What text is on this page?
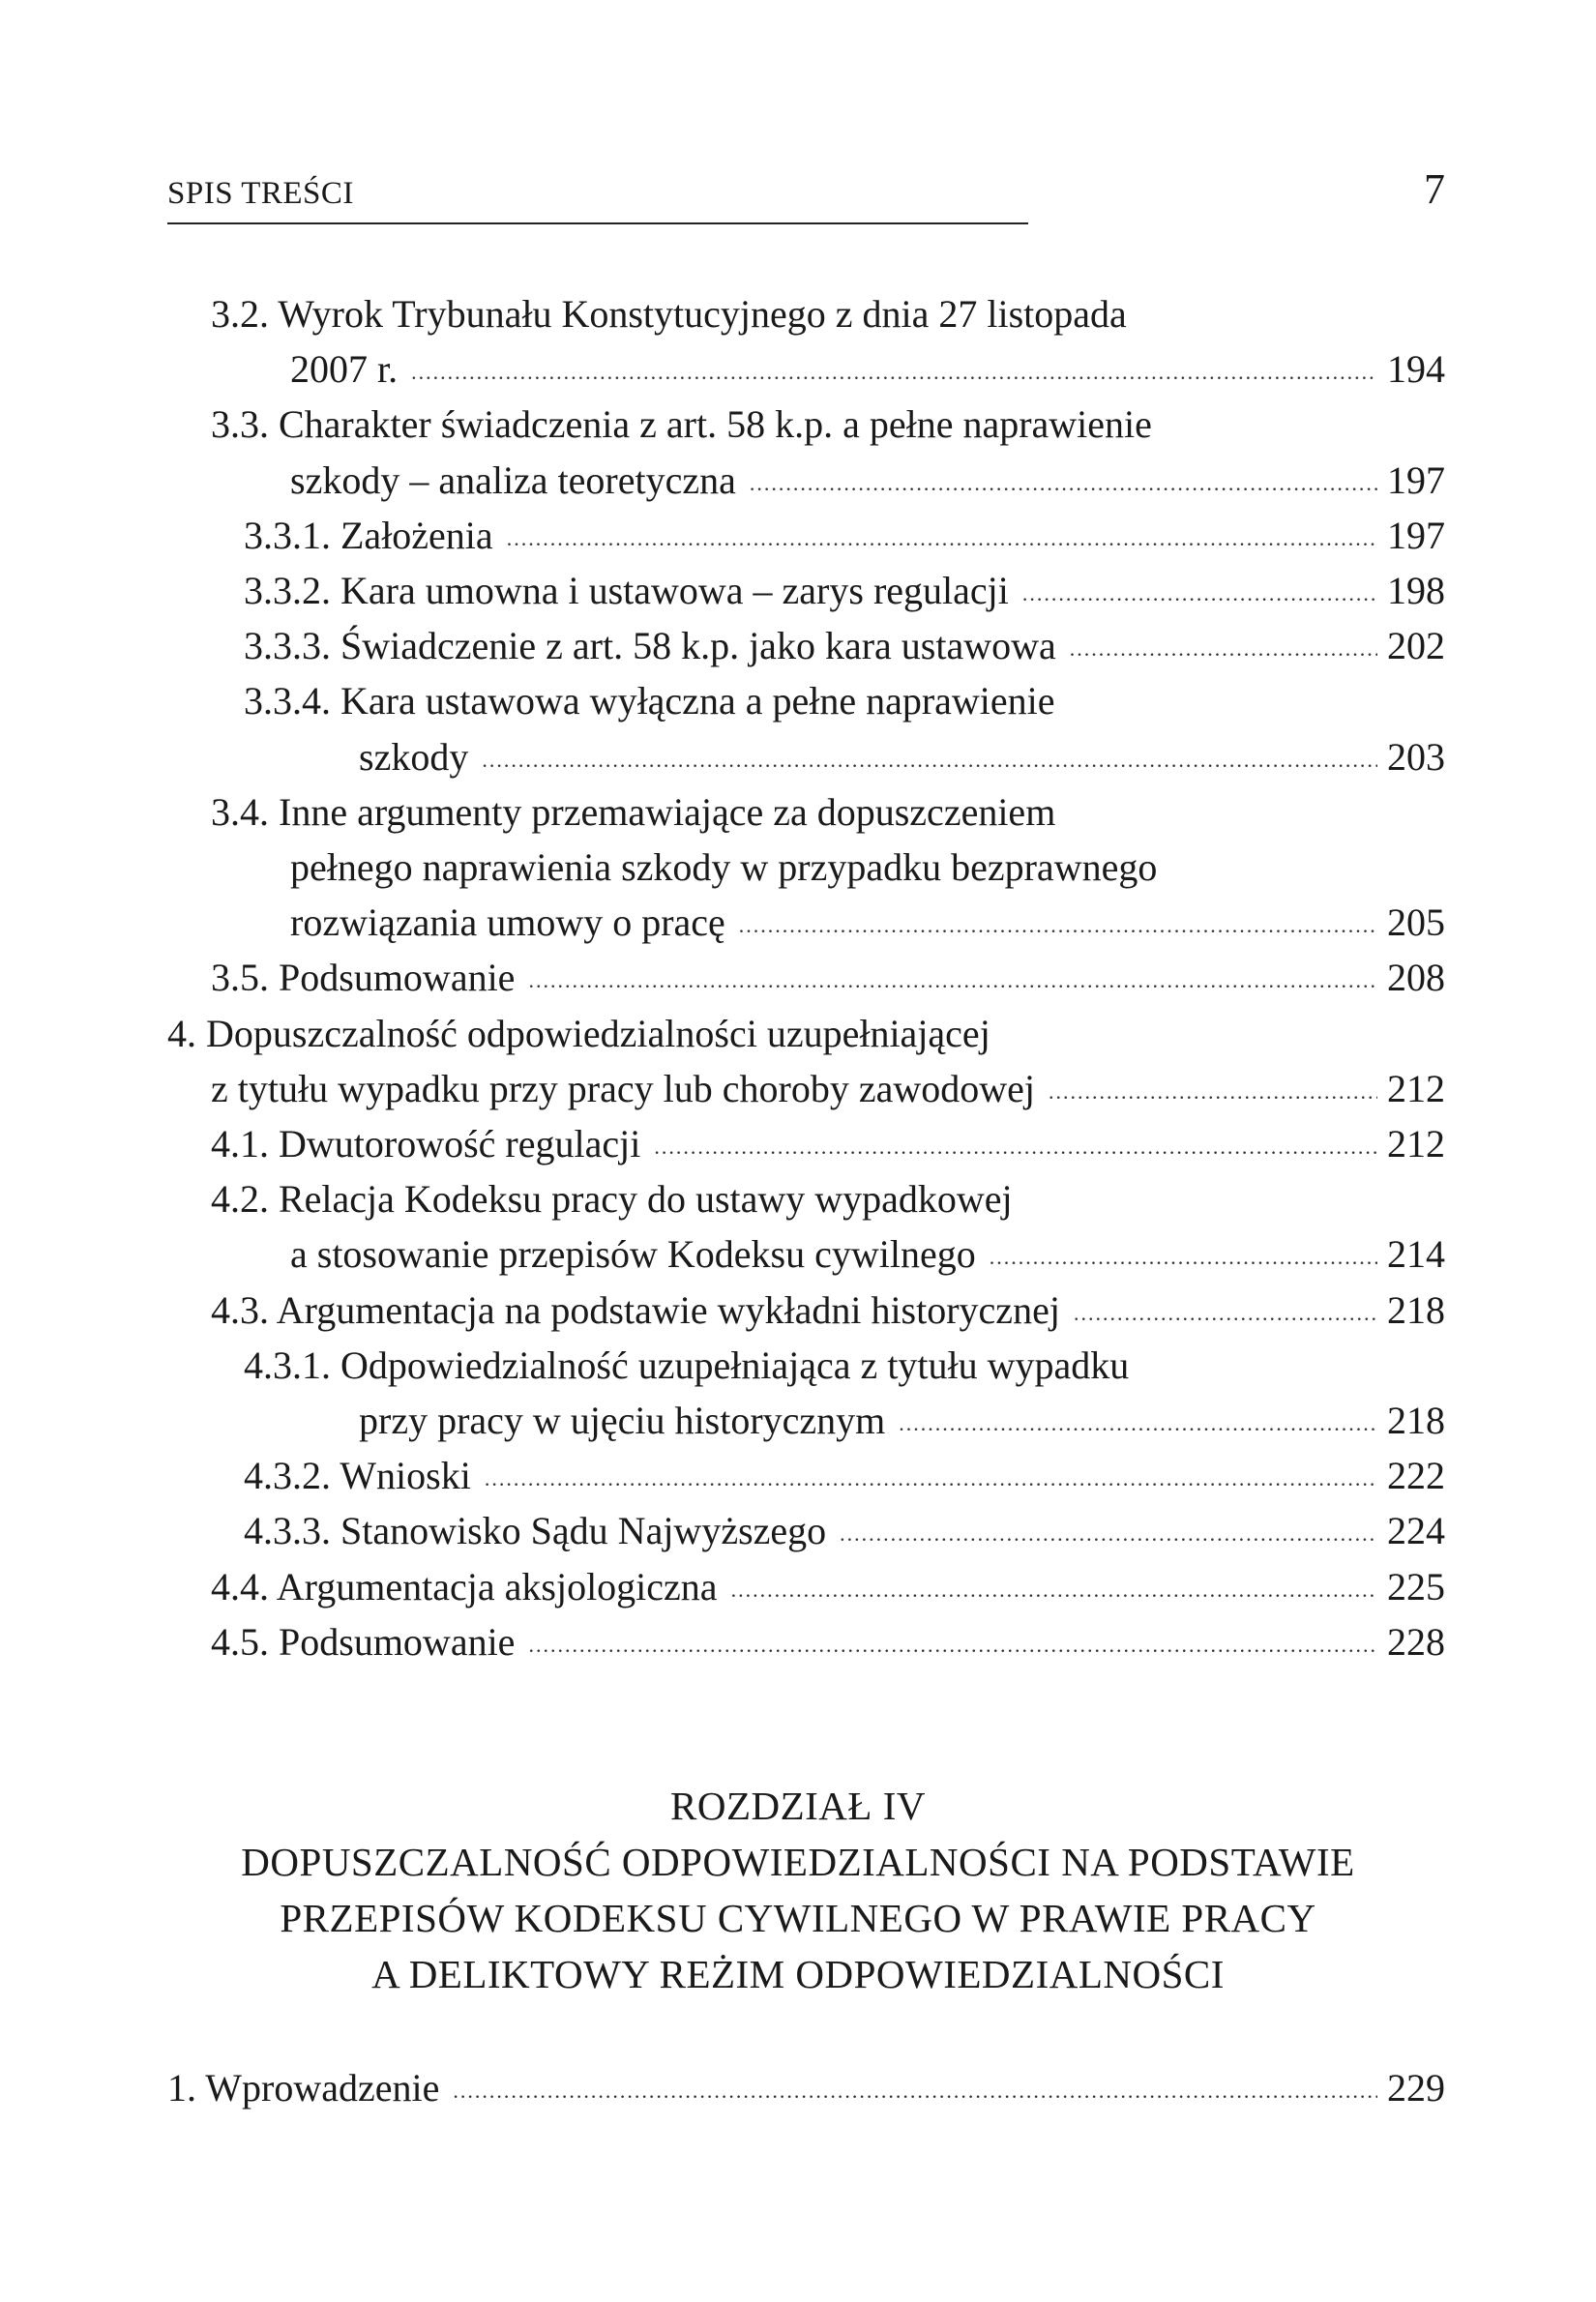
SPIS TREŚCI	7
3.2. Wyrok Trybunału Konstytucyjnego z dnia 27 listopada
2007 r. .....	194
3.3. Charakter świadczenia z art. 58 k.p. a pełne naprawienie
szkody – analiza teoretyczna .....	197
3.3.1. Założenia .....	197
3.3.2. Kara umowna i ustawowa – zarys regulacji .....	198
3.3.3. Świadczenie z art. 58 k.p. jako kara ustawowa .....	202
3.3.4. Kara ustawowa wyłączna a pełne naprawienie
szkody .....	203
3.4. Inne argumenty przemawiające za dopuszczeniem
pełnego naprawienia szkody w przypadku bezprawnego
rozwiązania umowy o pracę .....	205
3.5. Podsumowanie .....	208
4. Dopuszczalność odpowiedzialności uzupełniającej
z tytułu wypadku przy pracy lub choroby zawodowej .....	212
4.1. Dwutorowość regulacji .....	212
4.2. Relacja Kodeksu pracy do ustawy wypadkowej
a stosowanie przepisów Kodeksu cywilnego .....	214
4.3. Argumentacja na podstawie wykładni historycznej .....	218
4.3.1. Odpowiedzialność uzupełniająca z tytułu wypadku
przy pracy w ujęciu historycznym .....	218
4.3.2. Wnioski .....	222
4.3.3. Stanowisko Sądu Najwyższego .....	224
4.4. Argumentacja aksjologiczna .....	225
4.5. Podsumowanie .....	228
ROZDZIAŁ IV
DOPUSZCZALNOŚĆ ODPOWIEDZIALNOŚCI NA PODSTAWIE
PRZEPISÓW KODEKSU CYWILNEGO W PRAWIE PRACY
A DELIKTOWY REŻIM ODPOWIEDZIALNOŚCI
1. Wprowadzenie .....	229
